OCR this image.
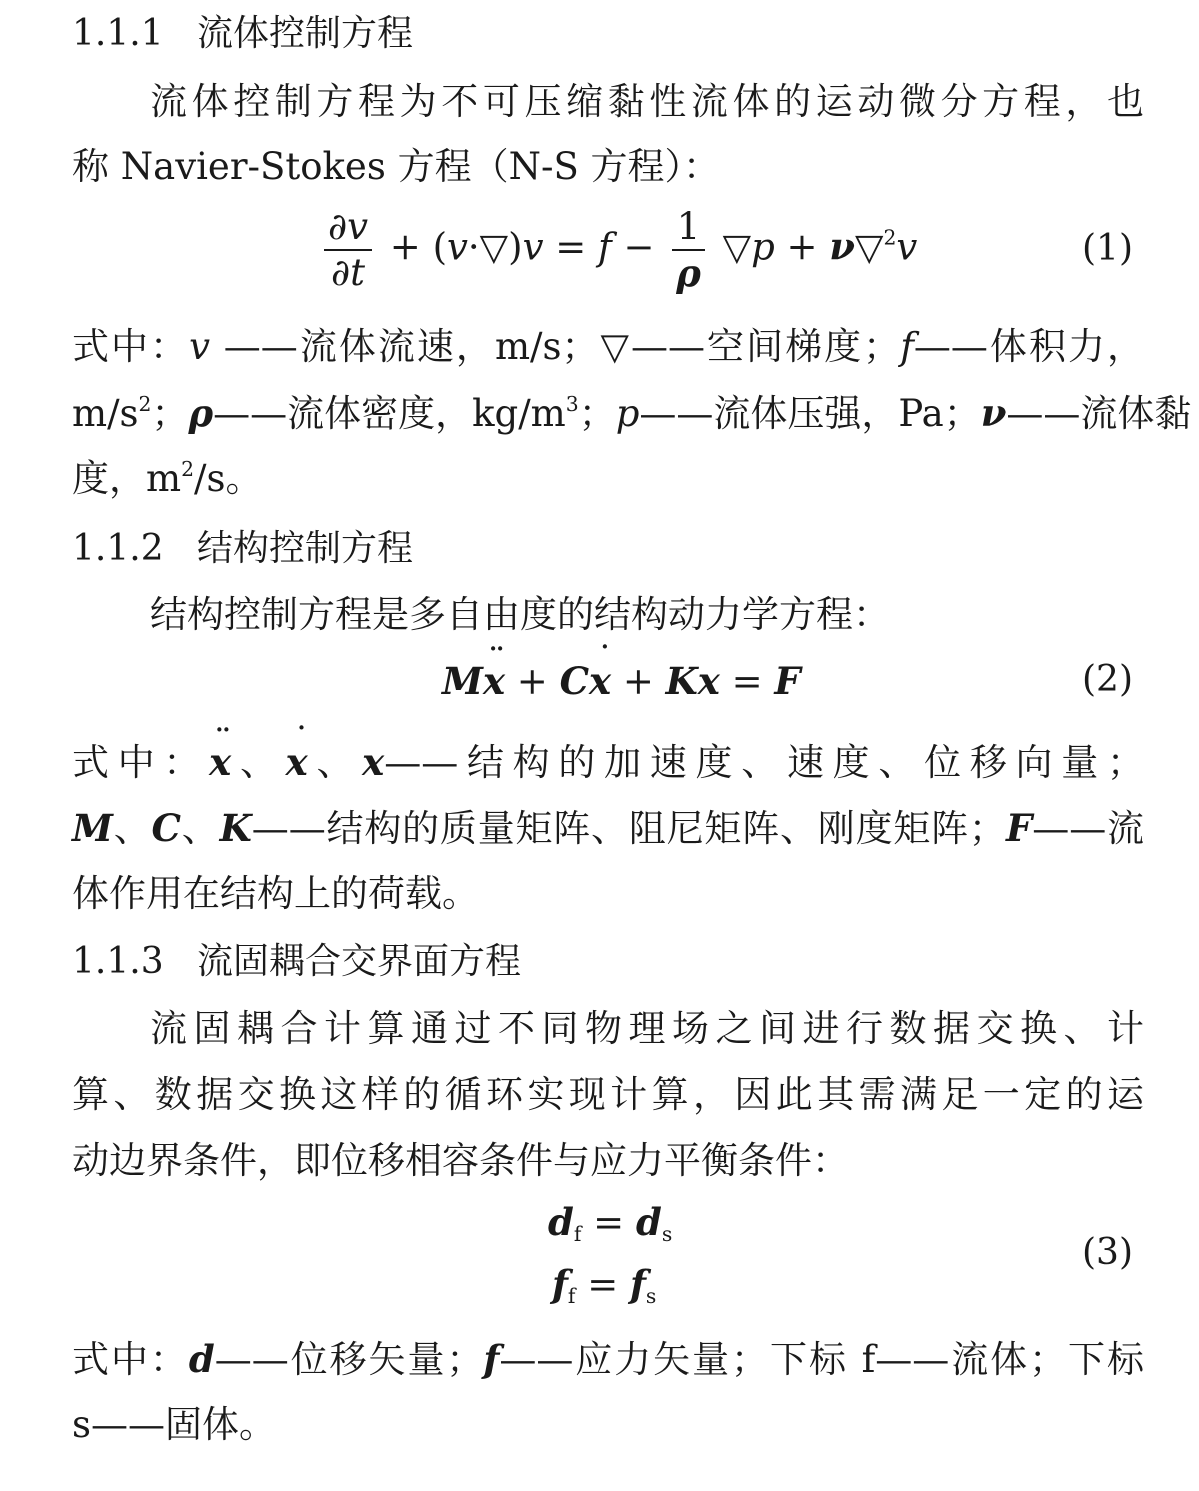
1.1.1 流体控制方程
流体控制方程为不可压缩黏性流体的运动微分方程，也
称 Navier-Stokes 方程（N-S 方程）：
$\frac{\partial v}{\partial t}$ + (v·▽)v = $f - \frac{1}{\rho}$ ▽p + ν▽$^2$v	(1)
式中：v ——流体流速，m/s；▽——空间梯度；f——体积力，
$m/s^2$；ρ——流体密度，$kg/m^3$；p——流体压强，Pa；ν——流体黏
度，$m^2/s$。
1.1.2 结构控制方程
结构控制方程是多自由度的结构动力学方程：
Mx ¨ + Cx ˙ + Kx = F	(2)
式中：x ¨、x ˙、x——结构的加速度、速度、位移向量；
M、C、K——结构的质量矩阵、阻尼矩阵、刚度矩阵；F——流
体作用在结构上的荷载。
1.1.3 流固耦合交界面方程
流固耦合计算通过不同物理场之间进行数据交换、计
算、数据交换这样的循环实现计算，因此其需满足一定的运
动边界条件，即位移相容条件与应力平衡条件：
$d_f = d_s$
$f_f = f_s$
(3)
式中：d——位移矢量；f——应力矢量；下标 f——流体；下标
s——固体。
